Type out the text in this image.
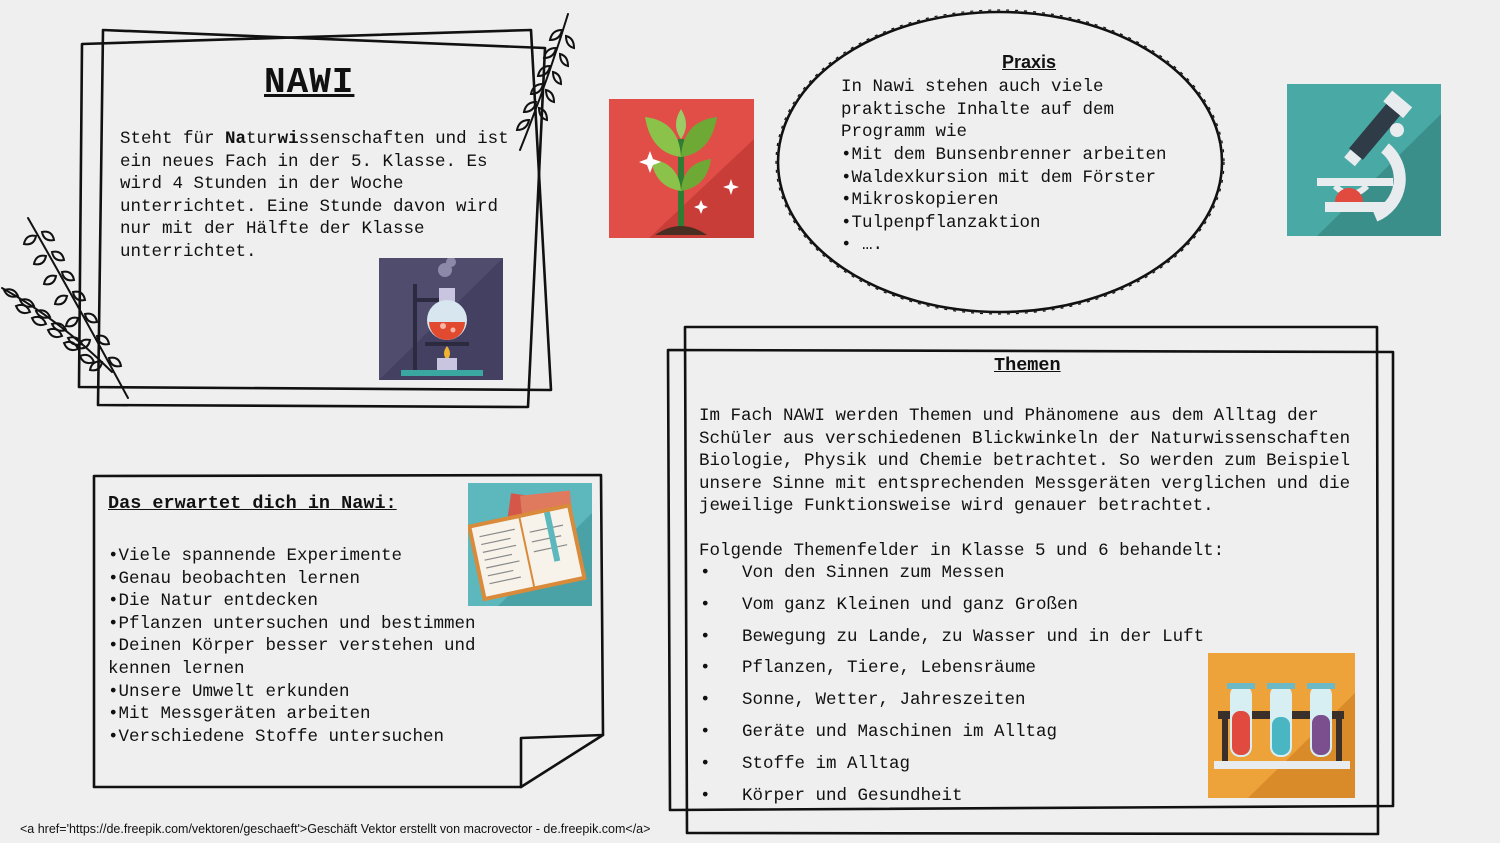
NAWI
Steht für Naturwissenschaften und ist ein neues Fach in der 5. Klasse. Es wird 4 Stunden in der Woche unterrichtet. Eine Stunde davon wird nur mit der Hälfte der Klasse unterrichtet.
Praxis
In Nawi stehen auch viele praktische Inhalte auf dem Programm wie
•Mit dem Bunsenbrenner arbeiten
•Waldexkursion mit dem Förster
•Mikroskopieren
•Tulpenpflanzaktion
• ….
Das erwartet dich in Nawi:
•Viele spannende Experimente
•Genau beobachten lernen
•Die Natur entdecken
•Pflanzen untersuchen und bestimmen
•Deinen Körper besser verstehen und kennen lernen
•Unsere Umwelt erkunden
•Mit Messgeräten arbeiten
•Verschiedene Stoffe untersuchen
Themen
Im Fach NAWI werden Themen und Phänomene aus dem Alltag der Schüler aus verschiedenen Blickwinkeln der Naturwissenschaften Biologie, Physik und Chemie betrachtet. So werden zum Beispiel unsere Sinne mit entsprechenden Messgeräten verglichen und die jeweilige Funktionsweise wird genauer betrachtet.
Folgende Themenfelder in Klasse 5 und 6 behandelt:
• Von den Sinnen zum Messen
• Vom ganz Kleinen und ganz Großen
• Bewegung zu Lande, zu Wasser und in der Luft
• Pflanzen, Tiere, Lebensräume
• Sonne, Wetter, Jahreszeiten
• Geräte und Maschinen im Alltag
• Stoffe im Alltag
• Körper und Gesundheit
<a href='https://de.freepik.com/vektoren/geschaeft'>Geschäft Vektor erstellt von macrovector - de.freepik.com</a>
